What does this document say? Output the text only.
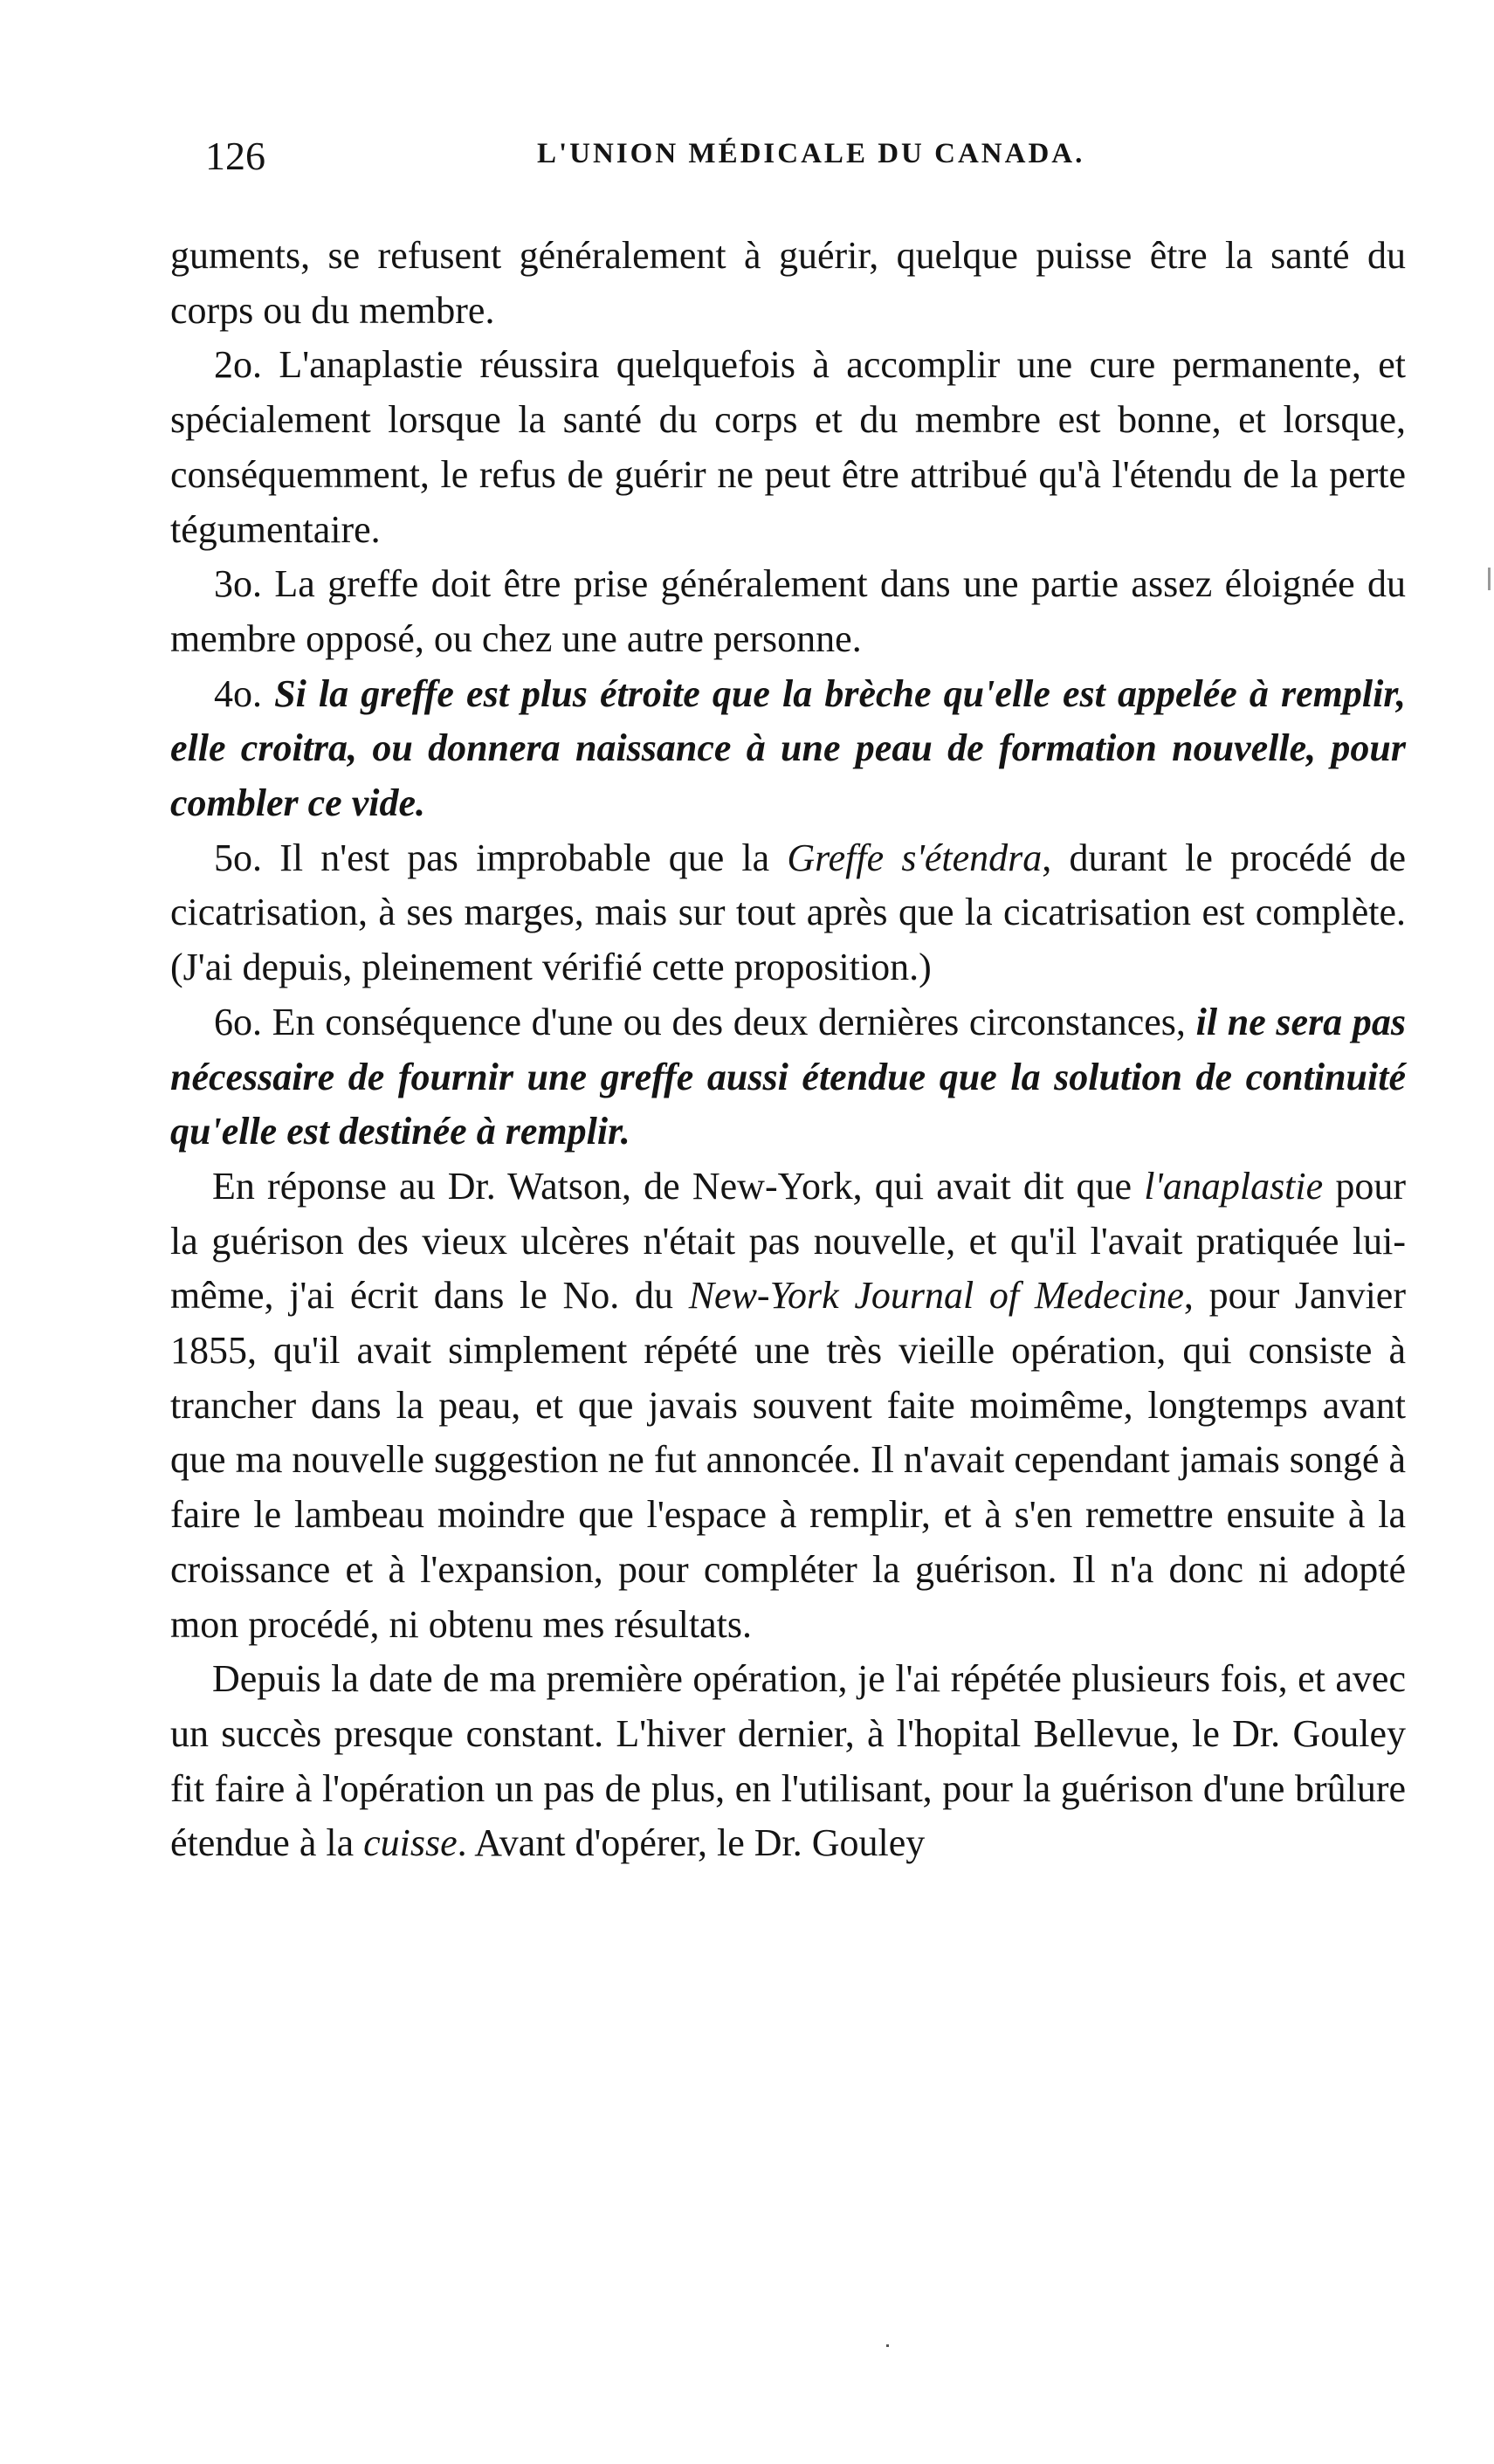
126	L'UNION MÉDICALE DU CANADA.

guments, se refusent généralement à guérir, quelque puisse être la santé du corps ou du membre.

2o. L'anaplastie réussira quelquefois à accomplir une cure permanente, et spécialement lorsque la santé du corps et du membre est bonne, et lorsque, conséquemment, le refus de guérir ne peut être attribué qu'à l'étendu de la perte tégumentaire.

3o. La greffe doit être prise généralement dans une partie assez éloignée du membre opposé, ou chez une autre personne.

4o. Si la greffe est plus étroite que la brèche qu'elle est appelée à remplir, elle croitra, ou donnera naissance à une peau de formation nouvelle, pour combler ce vide.

5o. Il n'est pas improbable que la Greffe s'étendra, durant le procédé de cicatrisation, à ses marges, mais sur tout après que la cicatrisation est complète. (J'ai depuis, pleinement vérifié cette proposition.)

6o. En conséquence d'une ou des deux dernières circonstances, il ne sera pas nécessaire de fournir une greffe aussi étendue que la solution de continuité qu'elle est destinée à remplir.

En réponse au Dr. Watson, de New-York, qui avait dit que l'anaplastie pour la guérison des vieux ulcères n'était pas nouvelle, et qu'il l'avait pratiquée lui-même, j'ai écrit dans le No. du New-York Journal of Medecine, pour Janvier 1855, qu'il avait simplement répété une très vieille opération, qui consiste à trancher dans la peau, et que javais souvent faite moimême, longtemps avant que ma nouvelle suggestion ne fut annoncée. Il n'avait cependant jamais songé à faire le lambeau moindre que l'espace à remplir, et à s'en remettre ensuite à la croissance et à l'expansion, pour compléter la guérison. Il n'a donc ni adopté mon procédé, ni obtenu mes résultats.

Depuis la date de ma première opération, je l'ai répétée plusieurs fois, et avec un succès presque constant. L'hiver dernier, à l'hopital Bellevue, le Dr. Gouley fit faire à l'opération un pas de plus, en l'utilisant, pour la guérison d'une brûlure étendue à la cuisse. Avant d'opérer, le Dr. Gouley
